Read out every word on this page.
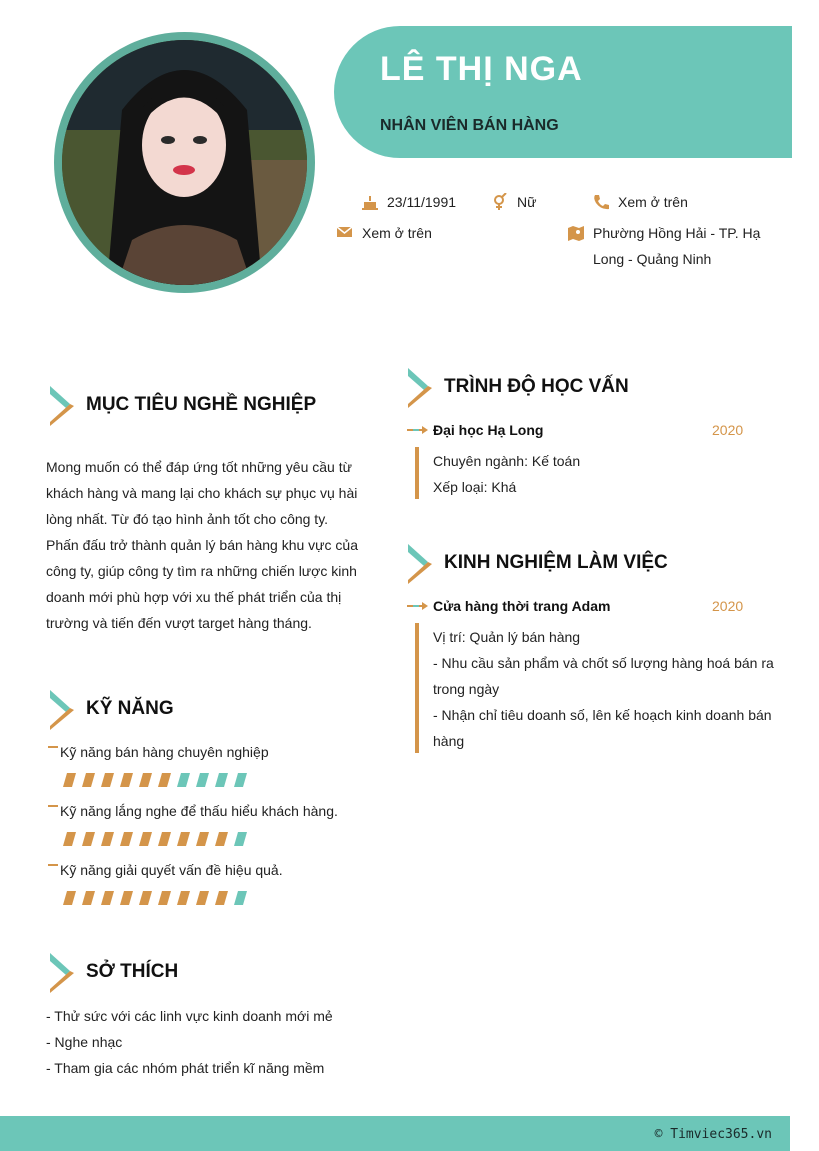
LÊ THỊ NGA
NHÂN VIÊN BÁN HÀNG
23/11/1991	Nữ	Xem ở trên
Xem ở trên	Phường Hồng Hải - TP. Hạ
Long - Quảng Ninh
MỤC TIÊU NGHỀ NGHIỆP
Mong muốn có thể đáp ứng tốt những yêu cầu từ
khách hàng và mang lại cho khách sự phục vụ hài
lòng nhất. Từ đó tạo hình ảnh tốt cho công ty.
Phấn đấu trở thành quản lý bán hàng khu vực của
công ty, giúp công ty tìm ra những chiến lược kinh
doanh mới phù hợp với xu thế phát triển của thị
trường và tiến đến vượt target hàng tháng.
KỸ NĂNG
Kỹ năng bán hàng chuyên nghiệp
Kỹ năng lắng nghe để thấu hiểu khách hàng.
Kỹ năng giải quyết vấn đề hiệu quả.
SỞ THÍCH
- Thử sức với các linh vực kinh doanh mới mẻ
- Nghe nhạc
- Tham gia các nhóm phát triển kĩ năng mềm
TRÌNH ĐỘ HỌC VẤN
Đại học Hạ Long	2020
Chuyên ngành: Kế toán
Xếp loại: Khá
KINH NGHIỆM LÀM VIỆC
Cửa hàng thời trang Adam	2020
Vị trí: Quản lý bán hàng
- Nhu cầu sản phẩm và chốt số lượng hàng hoá bán ra
trong ngày
- Nhận chỉ tiêu doanh số, lên kế hoạch kinh doanh bán
hàng
© Timviec365.vn
